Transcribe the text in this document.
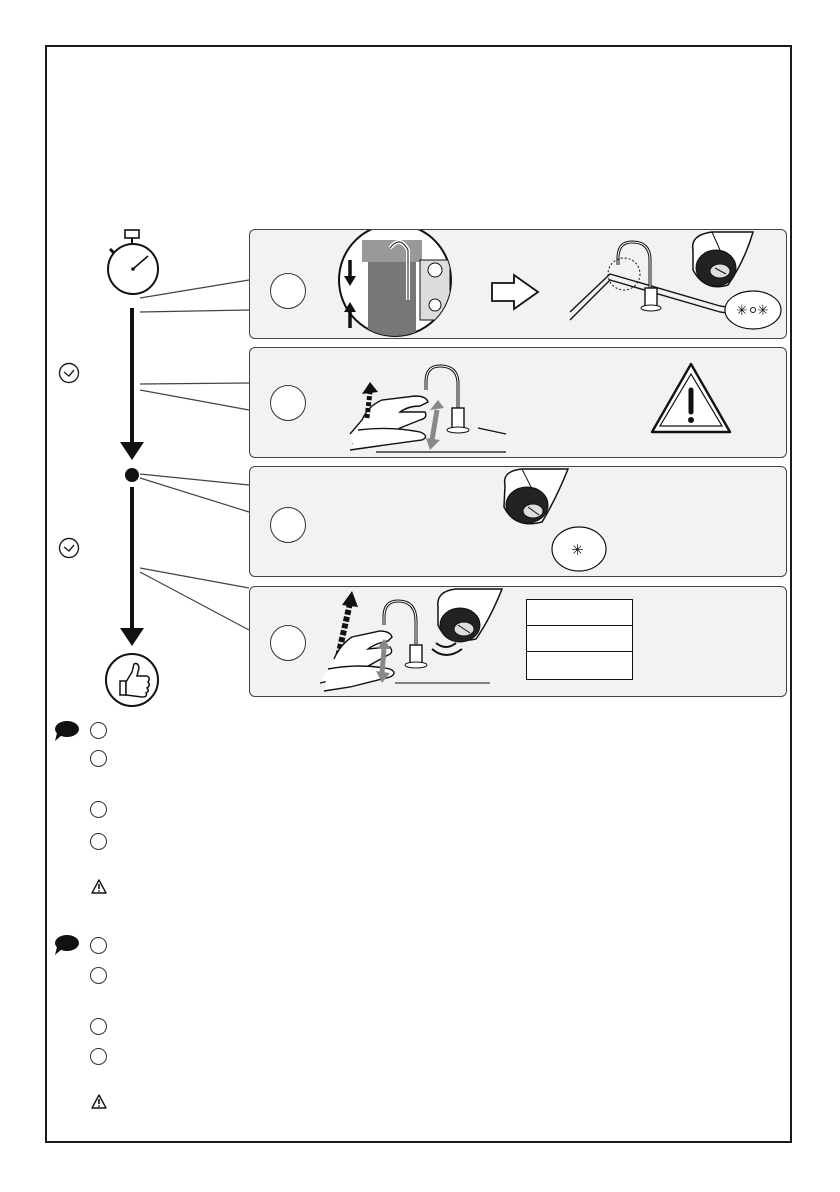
✳ ✳
✳
